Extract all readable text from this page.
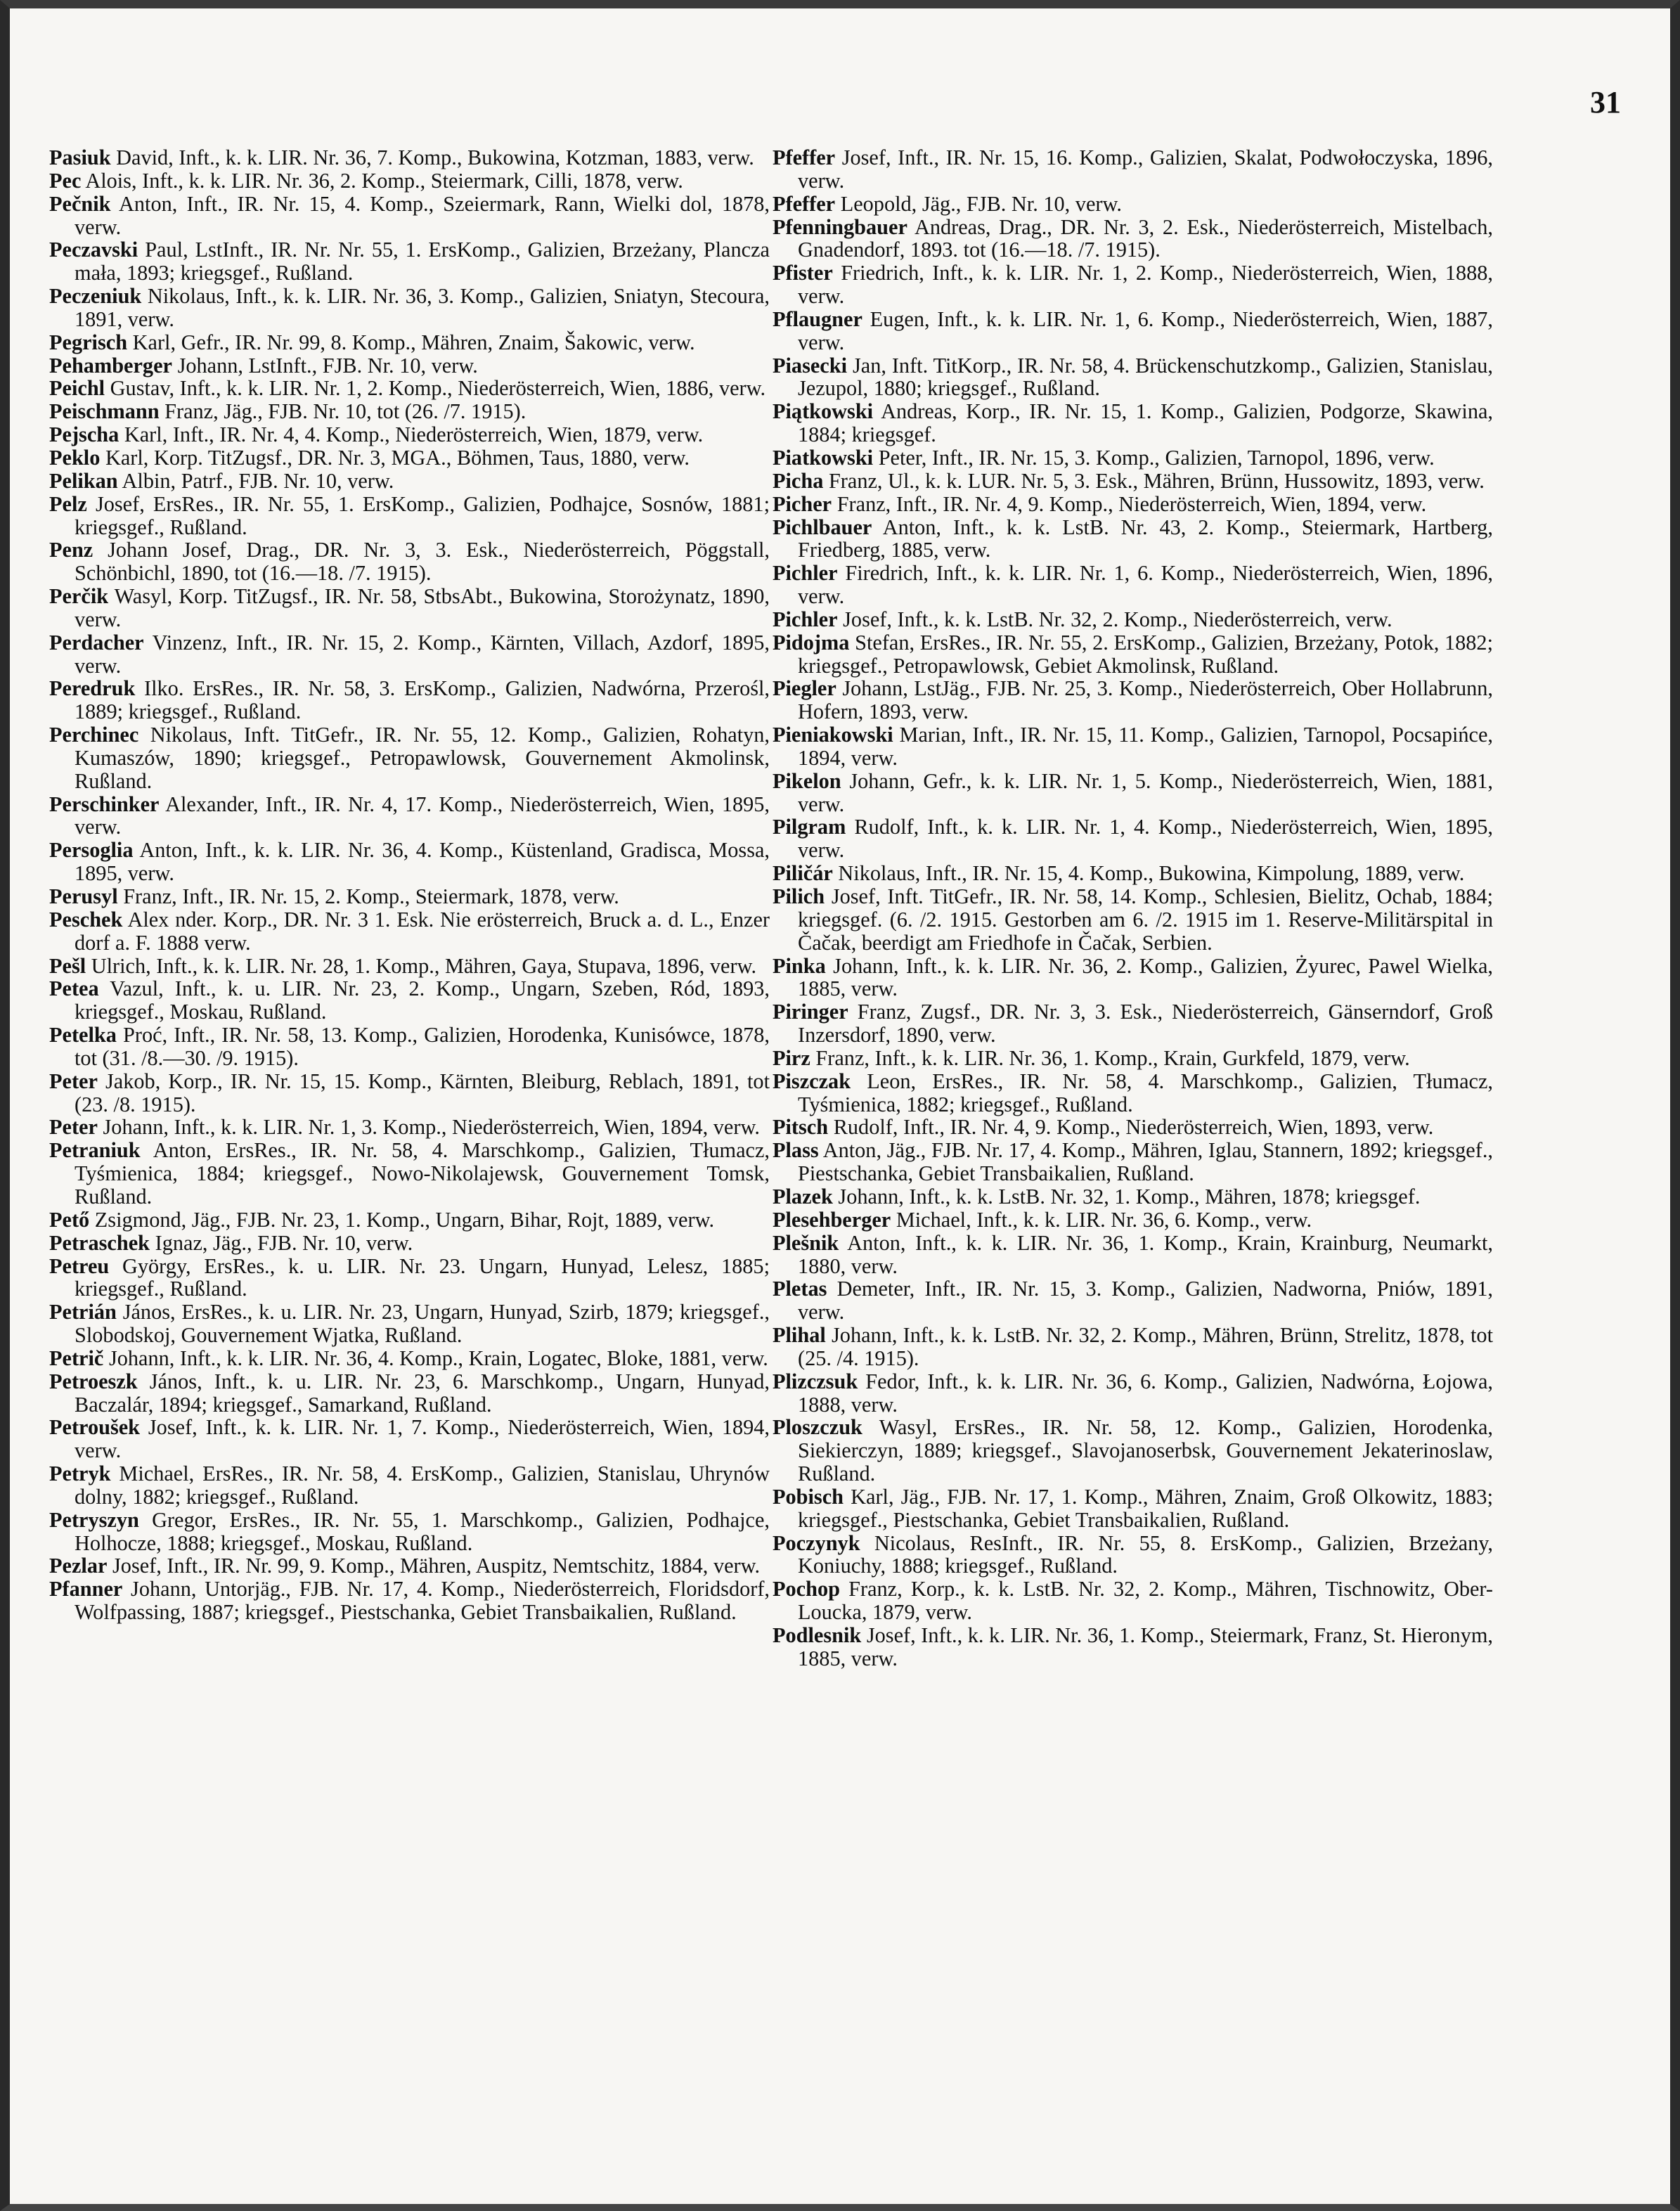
31

Pasiuk David, Inft., k. k. LIR. Nr. 36, 7. Komp., Bukowina, Kotzman, 1883, verw.

Pec Alois, Inft., k. k. LIR. Nr. 36, 2. Komp., Steiermark, Cilli, 1878, verw.

Pečnik Anton, Inft., IR. Nr. 15, 4. Komp., Szeiermark, Rann, Wielki dol, 1878, verw.

Peczavski Paul, LstInft., IR. Nr. Nr. 55, 1. ErsKomp., Galizien, Brzeżany, Plancza mała, 1893; kriegsgef., Rußland.

Peczeniuk Nikolaus, Inft., k. k. LIR. Nr. 36, 3. Komp., Galizien, Sniatyn, Stecoura, 1891, verw.

Pegrisch Karl, Gefr., IR. Nr. 99, 8. Komp., Mähren, Znaim, Šakowic, verw.

Pehamberger Johann, LstInft., FJB. Nr. 10, verw.

Peichl Gustav, Inft., k. k. LIR. Nr. 1, 2. Komp., Niederösterreich, Wien, 1886, verw.

Peischmann Franz, Jäg., FJB. Nr. 10, tot (26. /7. 1915).

Pejscha Karl, Inft., IR. Nr. 4, 4. Komp., Niederösterreich, Wien, 1879, verw.

Peklo Karl, Korp. TitZugsf., DR. Nr. 3, MGA., Böhmen, Taus, 1880, verw.

Pelikan Albin, Patrf., FJB. Nr. 10, verw.

Pelz Josef, ErsRes., IR. Nr. 55, 1. ErsKomp., Galizien, Podhajce, Sosnów, 1881; kriegsgef., Rußland.

Penz Johann Josef, Drag., DR. Nr. 3, 3. Esk., Niederösterreich, Pöggstall, Schönbichl, 1890, tot (16.—18. /7. 1915).

Perčik Wasyl, Korp. TitZugsf., IR. Nr. 58, StbsAbt., Bukowina, Storożynatz, 1890, verw.

Perdacher Vinzenz, Inft., IR. Nr. 15, 2. Komp., Kärnten, Villach, Azdorf, 1895, verw.

Peredruk Ilko. ErsRes., IR. Nr. 58, 3. ErsKomp., Galizien, Nadwórna, Przerośl, 1889; kriegsgef., Rußland.

Perchinec Nikolaus, Inft. TitGefr., IR. Nr. 55, 12. Komp., Galizien, Rohatyn, Kumaszów, 1890; kriegsgef., Petropawlowsk, Gouvernement Akmolinsk, Rußland.

Perschinker Alexander, Inft., IR. Nr. 4, 17. Komp., Niederösterreich, Wien, 1895, verw.

Persoglia Anton, Inft., k. k. LIR. Nr. 36, 4. Komp., Küstenland, Gradisca, Mossa, 1895, verw.

Perusyl Franz, Inft., IR. Nr. 15, 2. Komp., Steiermark, 1878, verw.

Peschek Alex nder. Korp., DR. Nr. 3 1. Esk. Nie erösterreich, Bruck a. d. L., Enzer dorf a. F. 1888 verw.

Pešl Ulrich, Inft., k. k. LIR. Nr. 28, 1. Komp., Mähren, Gaya, Stupava, 1896, verw.

Petea Vazul, Inft., k. u. LIR. Nr. 23, 2. Komp., Ungarn, Szeben, Ród, 1893, kriegsgef., Moskau, Rußland.

Petelka Proć, Inft., IR. Nr. 58, 13. Komp., Galizien, Horodenka, Kunisówce, 1878, tot (31. /8.—30. /9. 1915).

Peter Jakob, Korp., IR. Nr. 15, 15. Komp., Kärnten, Bleiburg, Reblach, 1891, tot (23. /8. 1915).

Peter Johann, Inft., k. k. LIR. Nr. 1, 3. Komp., Niederösterreich, Wien, 1894, verw.

Petraniuk Anton, ErsRes., IR. Nr. 58, 4. Marschkomp., Galizien, Tłumacz, Tyśmienica, 1884; kriegsgef., Nowo-Nikolajewsk, Gouvernement Tomsk, Rußland.

Pető Zsigmond, Jäg., FJB. Nr. 23, 1. Komp., Ungarn, Bihar, Rojt, 1889, verw.

Petraschek Ignaz, Jäg., FJB. Nr. 10, verw.

Petreu György, ErsRes., k. u. LIR. Nr. 23. Ungarn, Hunyad, Lelesz, 1885; kriegsgef., Rußland.

Petrián János, ErsRes., k. u. LIR. Nr. 23, Ungarn, Hunyad, Szirb, 1879; kriegsgef., Slobodskoj, Gouvernement Wjatka, Rußland.

Petrič Johann, Inft., k. k. LIR. Nr. 36, 4. Komp., Krain, Logatec, Bloke, 1881, verw.

Petroeszk János, Inft., k. u. LIR. Nr. 23, 6. Marschkomp., Ungarn, Hunyad, Baczalár, 1894; kriegsgef., Samarkand, Rußland.

Petroušek Josef, Inft., k. k. LIR. Nr. 1, 7. Komp., Niederösterreich, Wien, 1894, verw.

Petryk Michael, ErsRes., IR. Nr. 58, 4. ErsKomp., Galizien, Stanislau, Uhrynów dolny, 1882; kriegsgef., Rußland.

Petryszyn Gregor, ErsRes., IR. Nr. 55, 1. Marschkomp., Galizien, Podhajce, Holhocze, 1888; kriegsgef., Moskau, Rußland.

Pezlar Josef, Inft., IR. Nr. 99, 9. Komp., Mähren, Auspitz, Nemtschitz, 1884, verw.

Pfanner Johann, Untorjäg., FJB. Nr. 17, 4. Komp., Niederösterreich, Floridsdorf, Wolfpassing, 1887; kriegsgef., Piestschanka, Gebiet Transbaikalien, Rußland.

Pfeffer Josef, Inft., IR. Nr. 15, 16. Komp., Galizien, Skalat, Podwołoczyska, 1896, verw.

Pfeffer Leopold, Jäg., FJB. Nr. 10, verw.

Pfenningbauer Andreas, Drag., DR. Nr. 3, 2. Esk., Niederösterreich, Mistelbach, Gnadendorf, 1893. tot (16.—18. /7. 1915).

Pfister Friedrich, Inft., k. k. LIR. Nr. 1, 2. Komp., Niederösterreich, Wien, 1888, verw.

Pflaugner Eugen, Inft., k. k. LIR. Nr. 1, 6. Komp., Niederösterreich, Wien, 1887, verw.

Piasecki Jan, Inft. TitKorp., IR. Nr. 58, 4. Brückenschutzkomp., Galizien, Stanislau, Jezupol, 1880; kriegsgef., Rußland.

Piątkowski Andreas, Korp., IR. Nr. 15, 1. Komp., Galizien, Podgorze, Skawina, 1884; kriegsgef.

Piatkowski Peter, Inft., IR. Nr. 15, 3. Komp., Galizien, Tarnopol, 1896, verw.

Picha Franz, Ul., k. k. LUR. Nr. 5, 3. Esk., Mähren, Brünn, Hussowitz, 1893, verw.

Picher Franz, Inft., IR. Nr. 4, 9. Komp., Niederösterreich, Wien, 1894, verw.

Pichlbauer Anton, Inft., k. k. LstB. Nr. 43, 2. Komp., Steiermark, Hartberg, Friedberg, 1885, verw.

Pichler Firedrich, Inft., k. k. LIR. Nr. 1, 6. Komp., Niederösterreich, Wien, 1896, verw.

Pichler Josef, Inft., k. k. LstB. Nr. 32, 2. Komp., Niederösterreich, verw.

Pidojma Stefan, ErsRes., IR. Nr. 55, 2. ErsKomp., Galizien, Brzeżany, Potok, 1882; kriegsgef., Petropawlowsk, Gebiet Akmolinsk, Rußland.

Piegler Johann, LstJäg., FJB. Nr. 25, 3. Komp., Niederösterreich, Ober Hollabrunn, Hofern, 1893, verw.

Pieniakowski Marian, Inft., IR. Nr. 15, 11. Komp., Galizien, Tarnopol, Pocsapińce, 1894, verw.

Pikelon Johann, Gefr., k. k. LIR. Nr. 1, 5. Komp., Niederösterreich, Wien, 1881, verw.

Pilgram Rudolf, Inft., k. k. LIR. Nr. 1, 4. Komp., Niederösterreich, Wien, 1895, verw.

Piličár Nikolaus, Inft., IR. Nr. 15, 4. Komp., Bukowina, Kimpolung, 1889, verw.

Pilich Josef, Inft. TitGefr., IR. Nr. 58, 14. Komp., Schlesien, Bielitz, Ochab, 1884; kriegsgef. (6. /2. 1915. Gestorben am 6. /2. 1915 im 1. Reserve-Militärspital in Čačak, beerdigt am Friedhofe in Čačak, Serbien.

Pinka Johann, Inft., k. k. LIR. Nr. 36, 2. Komp., Galizien, Żyurec, Pawel Wielka, 1885, verw.

Piringer Franz, Zugsf., DR. Nr. 3, 3. Esk., Niederösterreich, Gänserndorf, Groß Inzersdorf, 1890, verw.

Pirz Franz, Inft., k. k. LIR. Nr. 36, 1. Komp., Krain, Gurkfeld, 1879, verw.

Piszczak Leon, ErsRes., IR. Nr. 58, 4. Marschkomp., Galizien, Tłumacz, Tyśmienica, 1882; kriegsgef., Rußland.

Pitsch Rudolf, Inft., IR. Nr. 4, 9. Komp., Niederösterreich, Wien, 1893, verw.

Plass Anton, Jäg., FJB. Nr. 17, 4. Komp., Mähren, Iglau, Stannern, 1892; kriegsgef., Piestschanka, Gebiet Transbaikalien, Rußland.

Plazek Johann, Inft., k. k. LstB. Nr. 32, 1. Komp., Mähren, 1878; kriegsgef.

Plesehberger Michael, Inft., k. k. LIR. Nr. 36, 6. Komp., verw.

Plešnik Anton, Inft., k. k. LIR. Nr. 36, 1. Komp., Krain, Krainburg, Neumarkt, 1880, verw.

Pletas Demeter, Inft., IR. Nr. 15, 3. Komp., Galizien, Nadworna, Pniów, 1891, verw.

Plihal Johann, Inft., k. k. LstB. Nr. 32, 2. Komp., Mähren, Brünn, Strelitz, 1878, tot (25. /4. 1915).

Plizczsuk Fedor, Inft., k. k. LIR. Nr. 36, 6. Komp., Galizien, Nadwórna, Łojowa, 1888, verw.

Ploszczuk Wasyl, ErsRes., IR. Nr. 58, 12. Komp., Galizien, Horodenka, Siekierczyn, 1889; kriegsgef., Slavojanoserbsk, Gouvernement Jekaterinoslaw, Rußland.

Pobisch Karl, Jäg., FJB. Nr. 17, 1. Komp., Mähren, Znaim, Groß Olkowitz, 1883; kriegsgef., Piestschanka, Gebiet Transbaikalien, Rußland.

Poczynyk Nicolaus, ResInft., IR. Nr. 55, 8. ErsKomp., Galizien, Brzeżany, Koniuchy, 1888; kriegsgef., Rußland.

Pochop Franz, Korp., k. k. LstB. Nr. 32, 2. Komp., Mähren, Tischnowitz, Ober-Loucka, 1879, verw.

Podlesnik Josef, Inft., k. k. LIR. Nr. 36, 1. Komp., Steiermark, Franz, St. Hieronym, 1885, verw.
